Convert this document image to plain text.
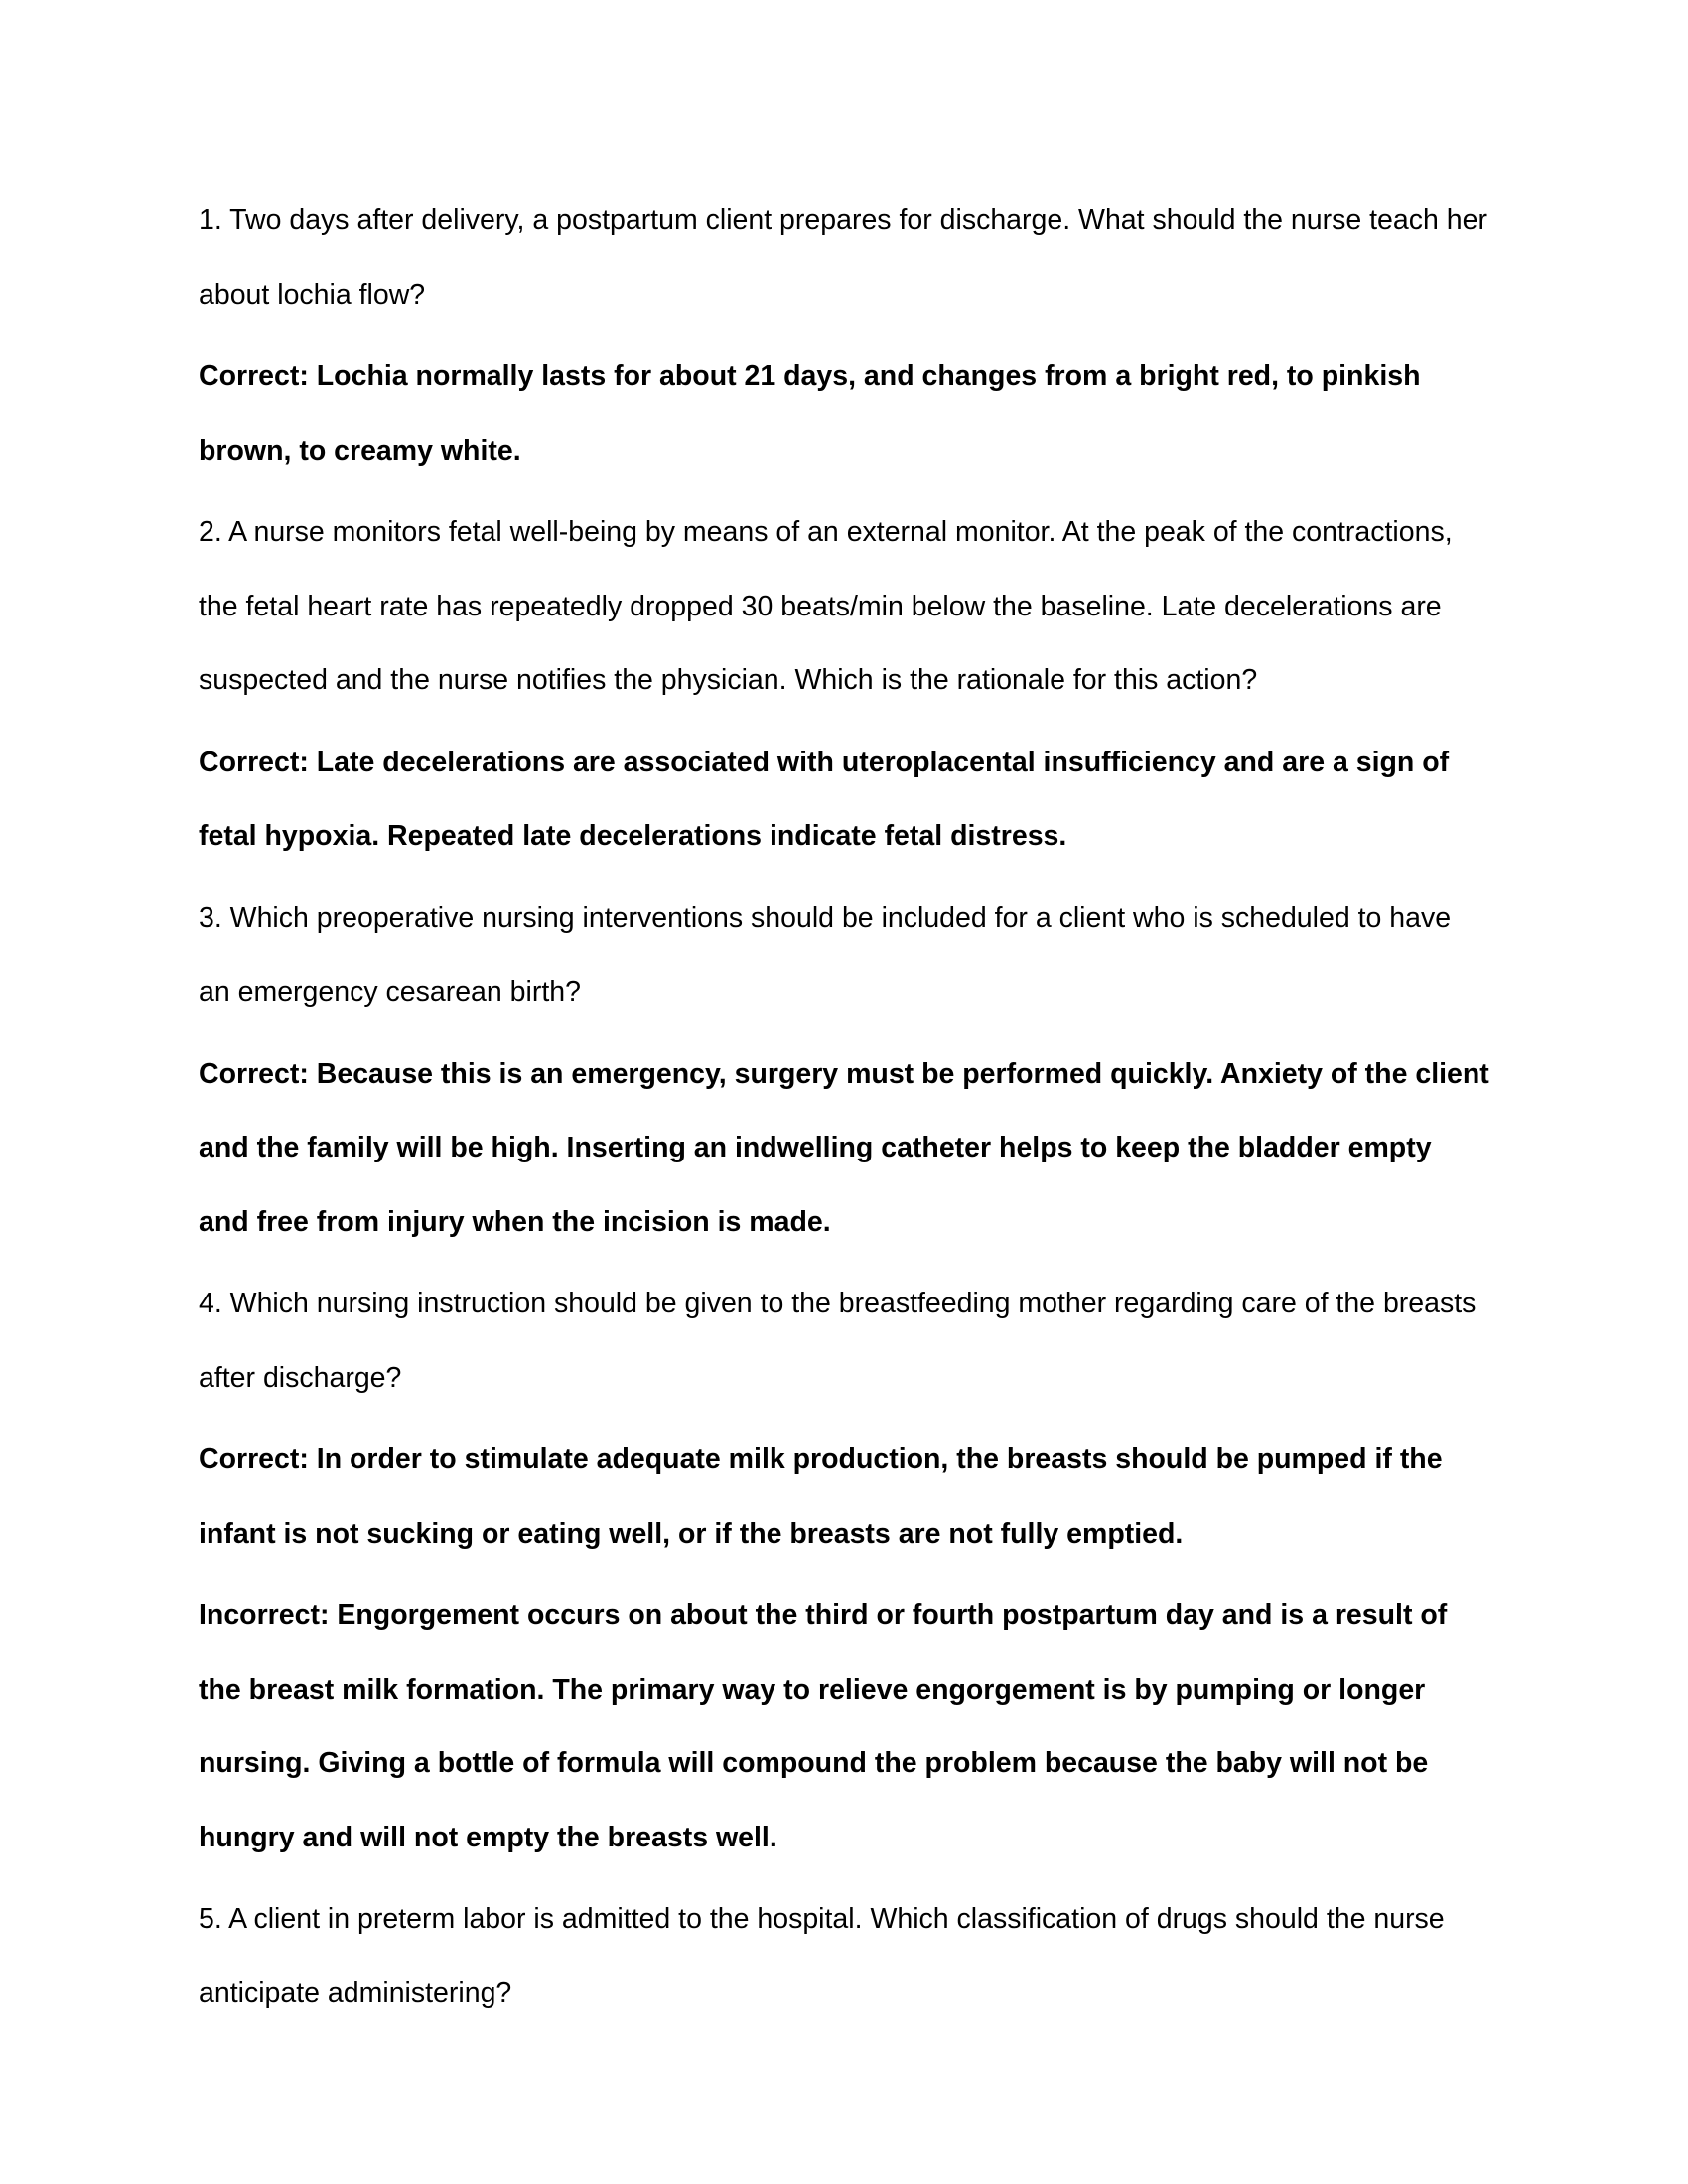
1. Two days after delivery, a postpartum client prepares for discharge. What should the nurse teach her about lochia flow?

Correct: Lochia normally lasts for about 21 days, and changes from a bright red, to pinkish brown, to creamy white.

2. A nurse monitors fetal well-being by means of an external monitor. At the peak of the contractions, the fetal heart rate has repeatedly dropped 30 beats/min below the baseline. Late decelerations are suspected and the nurse notifies the physician. Which is the rationale for this action?

Correct: Late decelerations are associated with uteroplacental insufficiency and are a sign of fetal hypoxia. Repeated late decelerations indicate fetal distress.

3. Which preoperative nursing interventions should be included for a client who is scheduled to have an emergency cesarean birth?

Correct: Because this is an emergency, surgery must be performed quickly. Anxiety of the client and the family will be high. Inserting an indwelling catheter helps to keep the bladder empty and free from injury when the incision is made.

4. Which nursing instruction should be given to the breastfeeding mother regarding care of the breasts after discharge?

Correct: In order to stimulate adequate milk production, the breasts should be pumped if the infant is not sucking or eating well, or if the breasts are not fully emptied.

Incorrect: Engorgement occurs on about the third or fourth postpartum day and is a result of the breast milk formation. The primary way to relieve engorgement is by pumping or longer nursing. Giving a bottle of formula will compound the problem because the baby will not be hungry and will not empty the breasts well.

5. A client in preterm labor is admitted to the hospital. Which classification of drugs should the nurse anticipate administering?
